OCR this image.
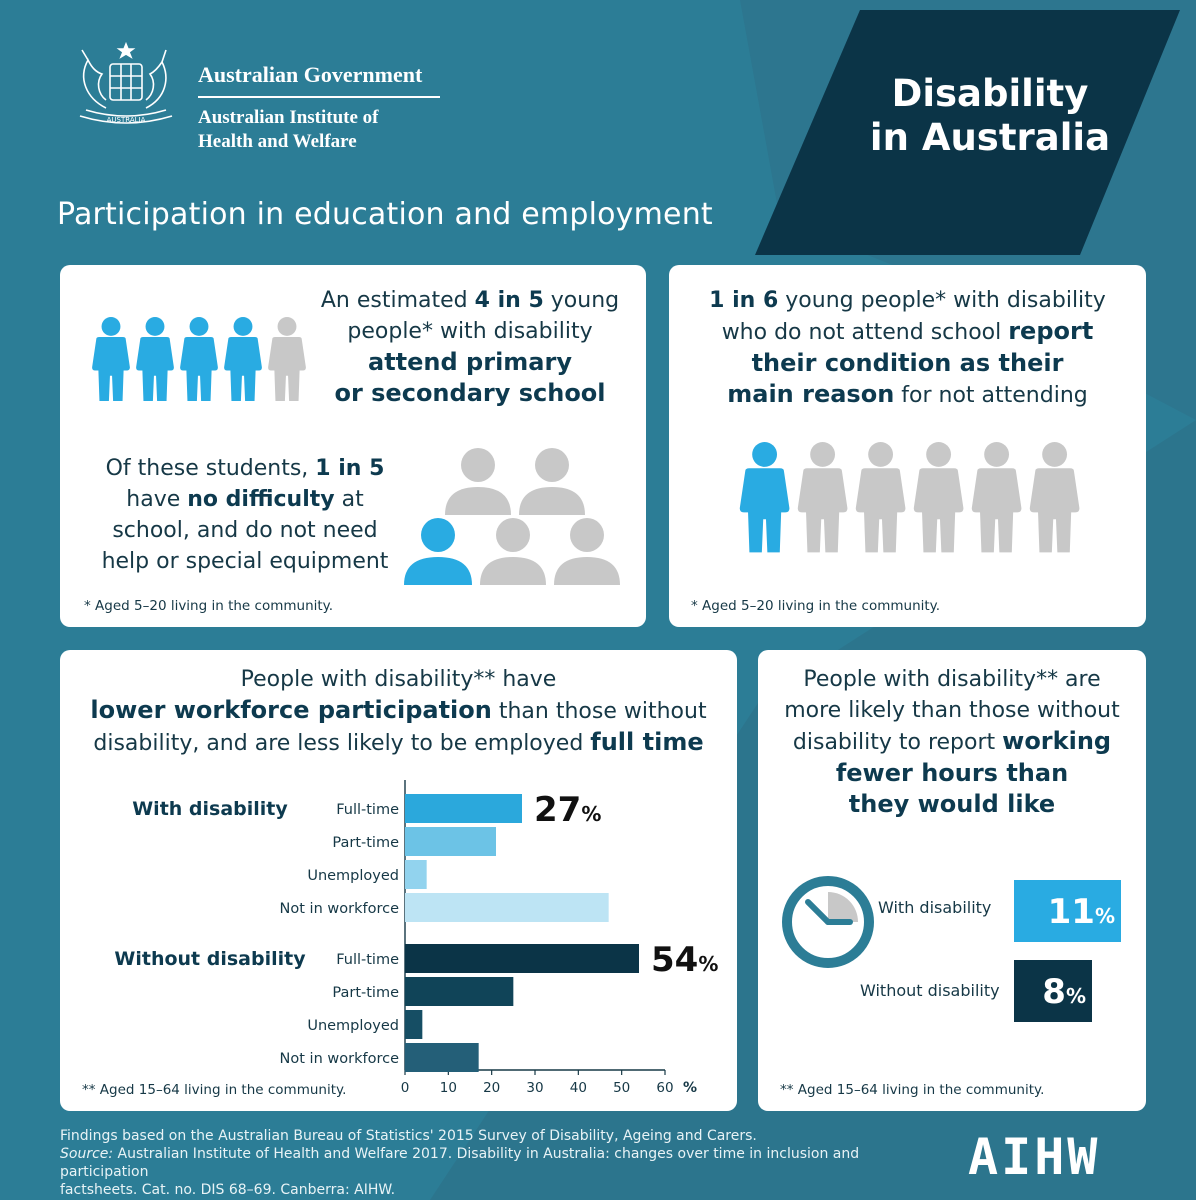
AUSTRALIA
Australian Government
Australian Institute of
Health and Welfare
Disability
in Australia
Participation in education and employment
An estimated 4 in 5 young
people* with disability
attend primary
or secondary school
Of these students, 1 in 5
have no difficulty at
school, and do not need
help or special equipment
* Aged 5–20 living in the community.
1 in 6 young people* with disability
who do not attend school report
their condition as their
main reason for not attending
* Aged 5–20 living in the community.
People with disability** have
lower workforce participation than those without
disability, and are less likely to be employed full time
0 10 20 30 40 50 60 %
With disability	Full-time
Part-time
Unemployed
Not in workforce
27%
Without disability Full-time
Part-time
Unemployed
Not in workforce
54%
** Aged 15–64 living in the community.
People with disability** are
more likely than those without
disability to report working
fewer hours than
they would like
With disability 11%
Without disability 8%
** Aged 15–64 living in the community.
Findings based on the Australian Bureau of Statistics' 2015 Survey of Disability, Ageing and Carers.
Source: Australian Institute of Health and Welfare 2017. Disability in Australia: changes over time in inclusion and participation
factsheets. Cat. no. DIS 68–69. Canberra: AIHW.
AIHW
